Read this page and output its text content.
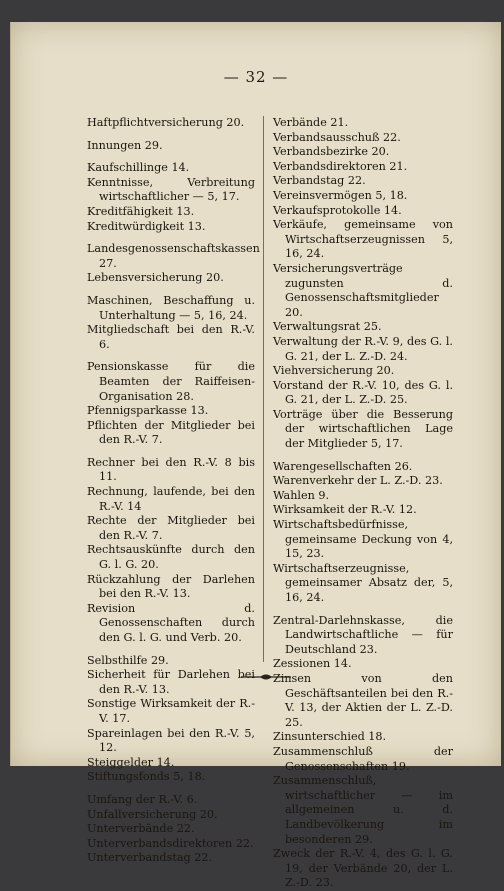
— 32 —

Haftpflichtversicherung 20.

Innungen 29.

Kaufschillinge 14.

Kenntnisse, Verbreitung wirtschaftlicher — 5, 17.

Kreditfähigkeit 13.

Kreditwürdigkeit 13.

Landesgenossenschaftskassen 27.

Lebensversicherung 20.

Maschinen, Beschaffung u. Unterhaltung — 5, 16, 24.

Mitgliedschaft bei den R.-V. 6.

Pensionskasse für die Beamten der Raiffeisen-Organisation 28.

Pfennigsparkasse 13.

Pflichten der Mitglieder bei den R.-V. 7.

Rechner bei den R.-V. 8 bis 11.

Rechnung, laufende, bei den R.-V. 14

Rechte der Mitglieder bei den R.-V. 7.

Rechtsauskünfte durch den G. l. G. 20.

Rückzahlung der Darlehen bei den R.-V. 13.

Revision d. Genossenschaften durch den G. l. G. und Verb. 20.

Selbsthilfe 29.

Sicherheit für Darlehen bei den R.-V. 13.

Sonstige Wirksamkeit der R.-V. 17.

Spareinlagen bei den R.-V. 5, 12.

Steiggelder 14.

Stiftungsfonds 5, 18.

Umfang der R.-V. 6.

Unfallversicherung 20.

Unterverbände 22.

Unterverbandsdirektoren 22.

Unterverbandstag 22.

Verbände 21.

Verbandsausschuß 22.

Verbandsbezirke 20.

Verbandsdirektoren 21.

Verbandstag 22.

Vereinsvermögen 5, 18.

Verkaufsprotokolle 14.

Verkäufe, gemeinsame von Wirtschaftserzeugnissen 5, 16, 24.

Versicherungsverträge zugunsten d. Genossenschaftsmitglieder 20.

Verwaltungsrat 25.

Verwaltung der R.-V. 9, des G. l. G. 21, der L. Z.-D. 24.

Viehversicherung 20.

Vorstand der R.-V. 10, des G. l. G. 21, der L. Z.-D. 25.

Vorträge über die Besserung der wirtschaftlichen Lage der Mitglieder 5, 17.

Warengesellschaften 26.

Warenverkehr der L. Z.-D. 23.

Wahlen 9.

Wirksamkeit der R.-V. 12.

Wirtschaftsbedürfnisse, gemeinsame Deckung von 4, 15, 23.

Wirtschaftserzeugnisse, gemeinsamer Absatz der, 5, 16, 24.

Zentral-Darlehnskasse, die Landwirtschaftliche — für Deutschland 23.

Zessionen 14.

Zinsen von den Geschäftsanteilen bei den R.-V. 13, der Aktien der L. Z.-D. 25.

Zinsunterschied 18.

Zusammenschluß der Genossenschaften 19.

Zusammenschluß, wirtschaftlicher — im allgemeinen u. d. Landbevölkerung im besonderen 29.

Zweck der R.-V. 4, des G. l. G. 19, der Verbände 20, der L. Z.-D. 23.
